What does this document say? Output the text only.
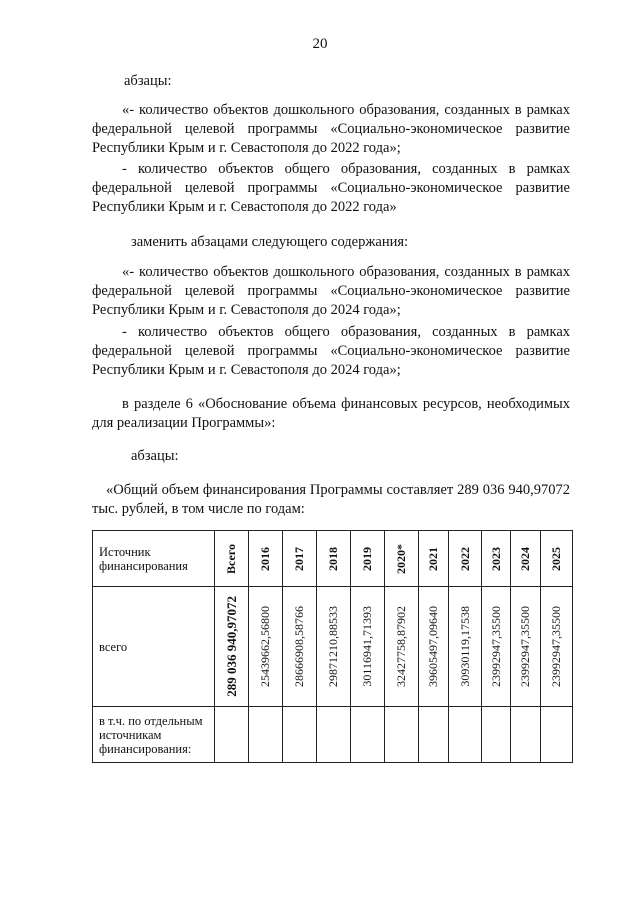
20
абзацы:
«- количество объектов дошкольного образования, созданных в рамках федеральной целевой программы «Социально-экономическое развитие Республики Крым и г. Севастополя до 2022 года»;
- количество объектов общего образования, созданных в рамках федеральной целевой программы «Социально-экономическое развитие Республики Крым и г. Севастополя до 2022 года»
заменить абзацами следующего содержания:
«- количество объектов дошкольного образования, созданных в рамках федеральной целевой программы «Социально-экономическое развитие Республики Крым и г. Севастополя до 2024 года»;
- количество объектов общего образования, созданных в рамках федеральной целевой программы «Социально-экономическое развитие Республики Крым и г. Севастополя до 2024 года»;
в разделе 6 «Обоснование объема финансовых ресурсов, необходимых для реализации Программы»:
абзацы:
«Общий объем финансирования Программы составляет 289 036 940,97072 тыс. рублей, в том числе по годам:
Источник финансирования	Всего	2016	2017	2018	2019	2020*	2021	2022	2023	2024	2025

всего	289 036 940,97072	25439662,56800	28666908,58766	29871210,88533	30116941,71393	32427758,87902	39605497,09640	30930119,17538	23992947,35500	23992947,35500	23992947,35500

в т.ч. по отдельным источникам финансирования:											
